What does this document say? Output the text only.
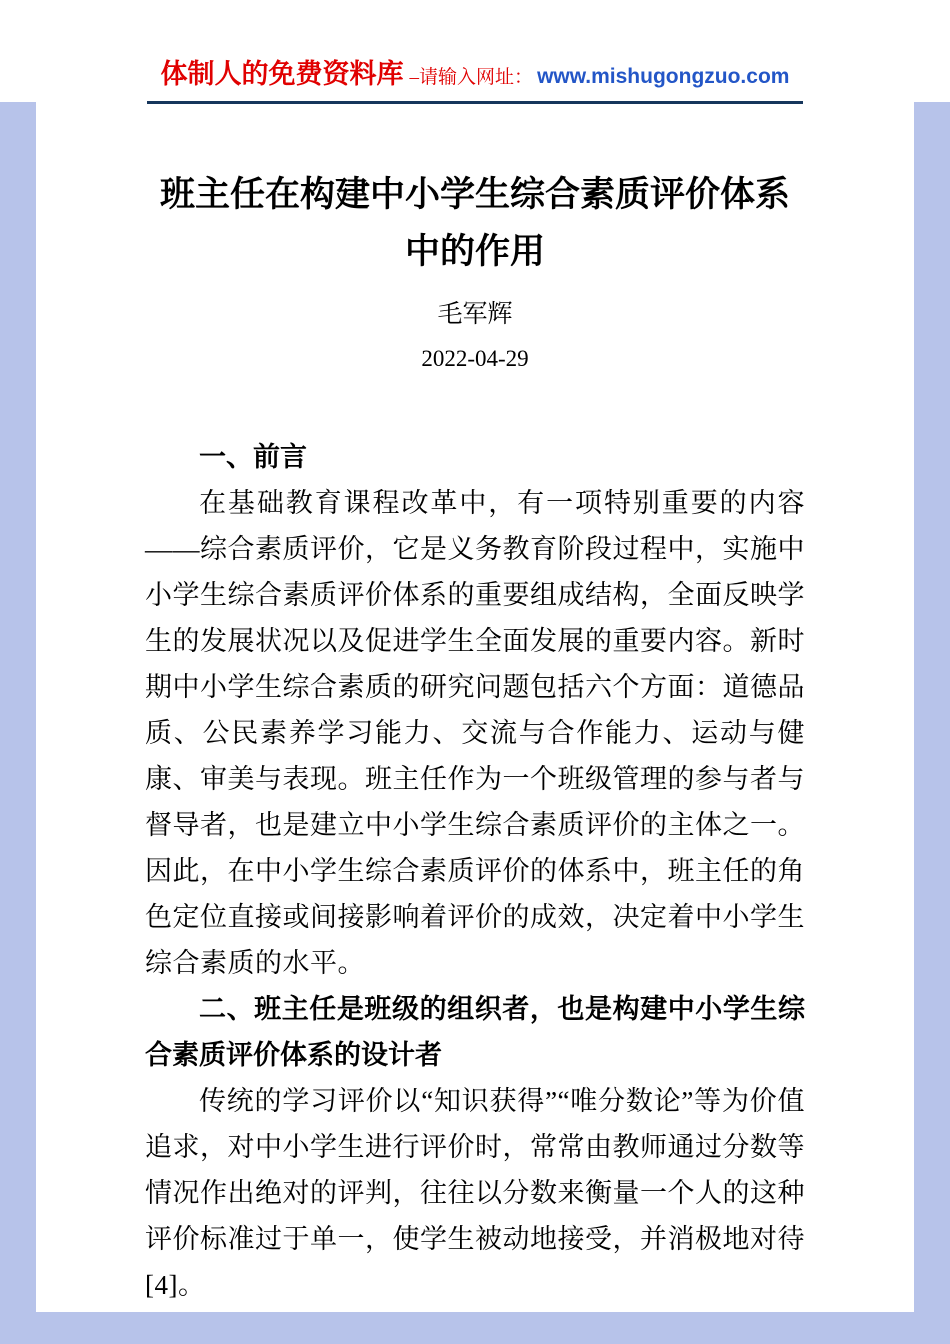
体制人的免费资料库 –请输入网址： www.mishugongzuo.com
班主任在构建中小学生综合素质评价体系中的作用
毛军辉
2022-04-29
一、前言

在基础教育课程改革中，有一项特别重要的内容——综合素质评价，它是义务教育阶段过程中，实施中小学生综合素质评价体系的重要组成结构，全面反映学生的发展状况以及促进学生全面发展的重要内容。新时期中小学生综合素质的研究问题包括六个方面：道德品质、公民素养学习能力、交流与合作能力、运动与健康、审美与表现。班主任作为一个班级管理的参与者与督导者，也是建立中小学生综合素质评价的主体之一。因此，在中小学生综合素质评价的体系中，班主任的角色定位直接或间接影响着评价的成效，决定着中小学生综合素质的水平。

二、班主任是班级的组织者，也是构建中小学生综合素质评价体系的设计者

传统的学习评价以“知识获得”“唯分数论”等为价值追求，对中小学生进行评价时，常常由教师通过分数等情况作出绝对的评判，往往以分数来衡量一个人的这种评价标准过于单一，使学生被动地接受，并消极地对待[4]。
